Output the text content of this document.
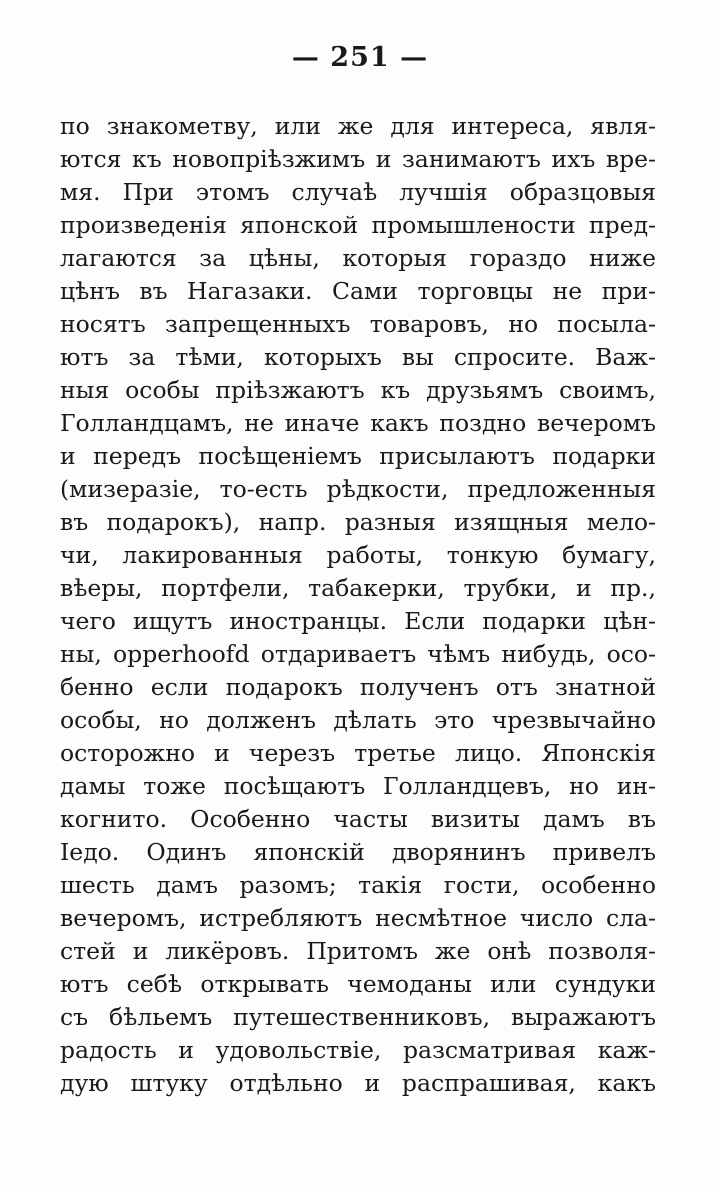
— 251 —
по знакометву, или же для интереса, явля-
ются къ новопріѣзжимъ и занимаютъ ихъ вре-
мя. При этомъ случаѣ лучшія образцовыя
произведенія японской промышлености пред-
лагаются за цѣны, которыя гораздо ниже
цѣнъ въ Нагазаки. Сами торговцы не при-
носятъ запрещенныхъ товаровъ, но посыла-
ютъ за тѣми, которыхъ вы спросите. Важ-
ныя особы пріѣзжаютъ къ друзьямъ своимъ,
Голландцамъ, не иначе какъ поздно вечеромъ
и передъ посѣщеніемъ присылаютъ подарки
(мизеразіе, то-есть рѣдкости, предложенныя
въ подарокъ), напр. разныя изящныя мело-
чи, лакированныя работы, тонкую бумагу,
вѣеры, портфели, табакерки, трубки, и пр.,
чего ищутъ иностранцы. Если подарки цѣн-
ны, opperhoofd отдариваетъ чѣмъ нибудь, осо-
бенно если подарокъ полученъ отъ знатной
особы, но долженъ дѣлать это чрезвычайно
осторожно и черезъ третье лицо. Японскія
дамы тоже посѣщаютъ Голландцевъ, но ин-
когнито. Особенно часты визиты дамъ въ
Іедо. Одинъ японскій дворянинъ привелъ
шесть дамъ разомъ; такія гости, особенно
вечеромъ, истребляютъ несмѣтное число сла-
стей и ликёровъ. Притомъ же онѣ позволя-
ютъ себѣ открывать чемоданы или сундуки
съ бѣльемъ путешественниковъ, выражаютъ
радость и удовольствіе, разсматривая каж-
дую штуку отдѣльно и распрашивая, какъ
